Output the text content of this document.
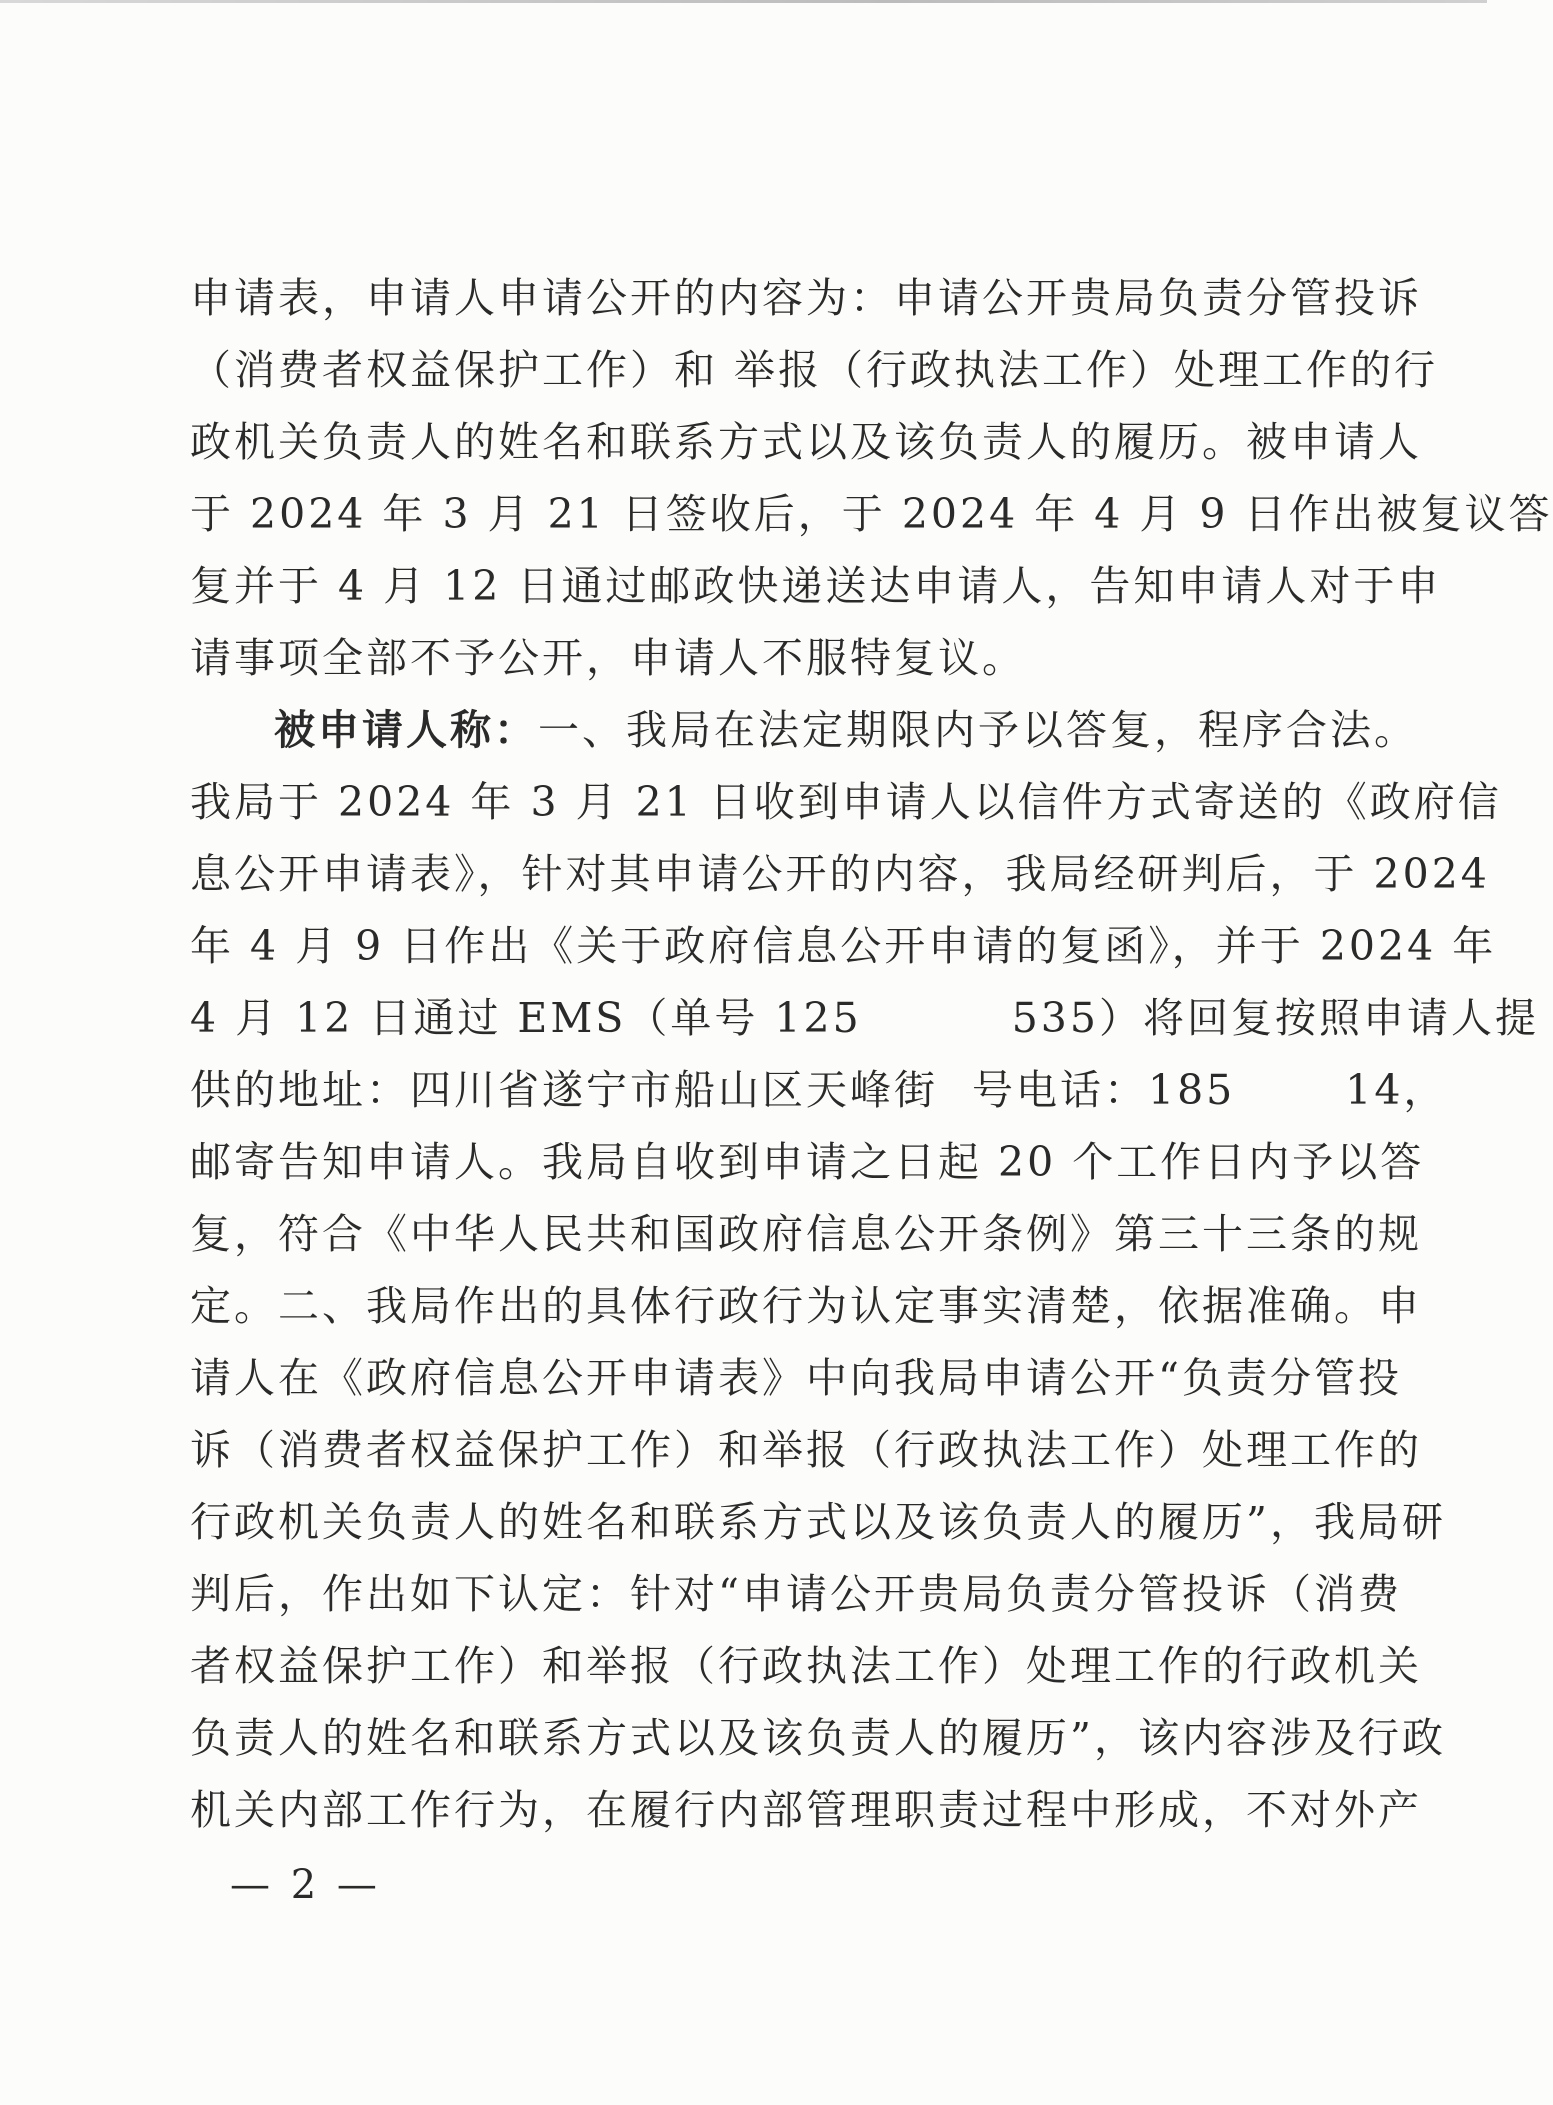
申请表，申请人申请公开的内容为：申请公开贵局负责分管投诉
（消费者权益保护工作）和 举报（行政执法工作）处理工作的行
政机关负责人的姓名和联系方式以及该负责人的履历。被申请人
于 2024 年 3 月 21 日签收后，于 2024 年 4 月 9 日作出被复议答
复并于 4 月 12 日通过邮政快递送达申请人，告知申请人对于申
请事项全部不予公开，申请人不服特复议。
被申请人称：一、我局在法定期限内予以答复，程序合法。
我局于 2024 年 3 月 21 日收到申请人以信件方式寄送的《政府信
息公开申请表》，针对其申请公开的内容，我局经研判后，于 2024
年 4 月 9 日作出《关于政府信息公开申请的复函》，并于 2024 年
4 月 12 日通过 EMS（单号 125	535）将回复按照申请人提
供的地址：四川省遂宁市船山区天峰街 号电话：185	14，
邮寄告知申请人。我局自收到申请之日起 20 个工作日内予以答
复，符合《中华人民共和国政府信息公开条例》第三十三条的规
定。二、我局作出的具体行政行为认定事实清楚，依据准确。申
请人在《政府信息公开申请表》中向我局申请公开“负责分管投
诉（消费者权益保护工作）和举报（行政执法工作）处理工作的
行政机关负责人的姓名和联系方式以及该负责人的履历”，我局研
判后，作出如下认定：针对“申请公开贵局负责分管投诉（消费
者权益保护工作）和举报（行政执法工作）处理工作的行政机关
负责人的姓名和联系方式以及该负责人的履历”，该内容涉及行政
机关内部工作行为，在履行内部管理职责过程中形成，不对外产
— 2 —
